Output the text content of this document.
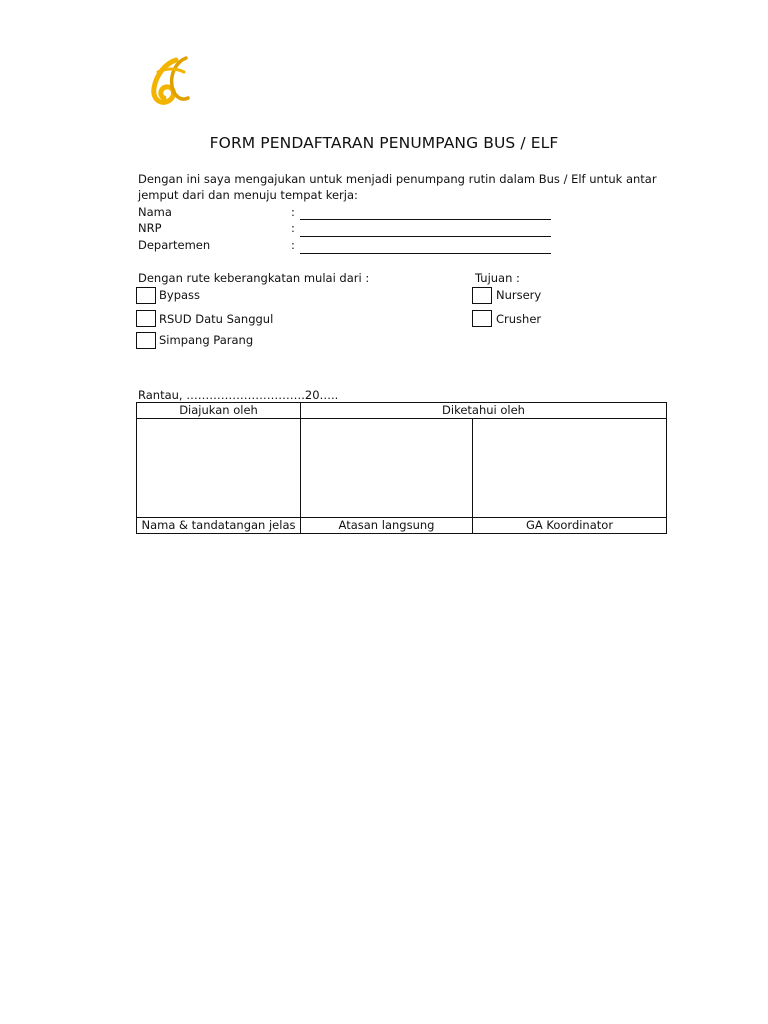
FORM PENDAFTARAN PENUMPANG BUS / ELF
Dengan ini saya mengajukan untuk menjadi penumpang rutin dalam Bus / Elf untuk antar
jemput dari dan menuju tempat kerja:
Nama	:
NRP	:
Departemen	:
Dengan rute keberangkatan mulai dari :	Tujuan :
Bypass
RSUD Datu Sanggul
Simpang Parang
Nursery
Crusher
Rantau, ………………………….20…..
Diajukan oleh	Diketahui oleh	

Nama & tandatangan jelas	Atasan langsung	GA Koordinator
